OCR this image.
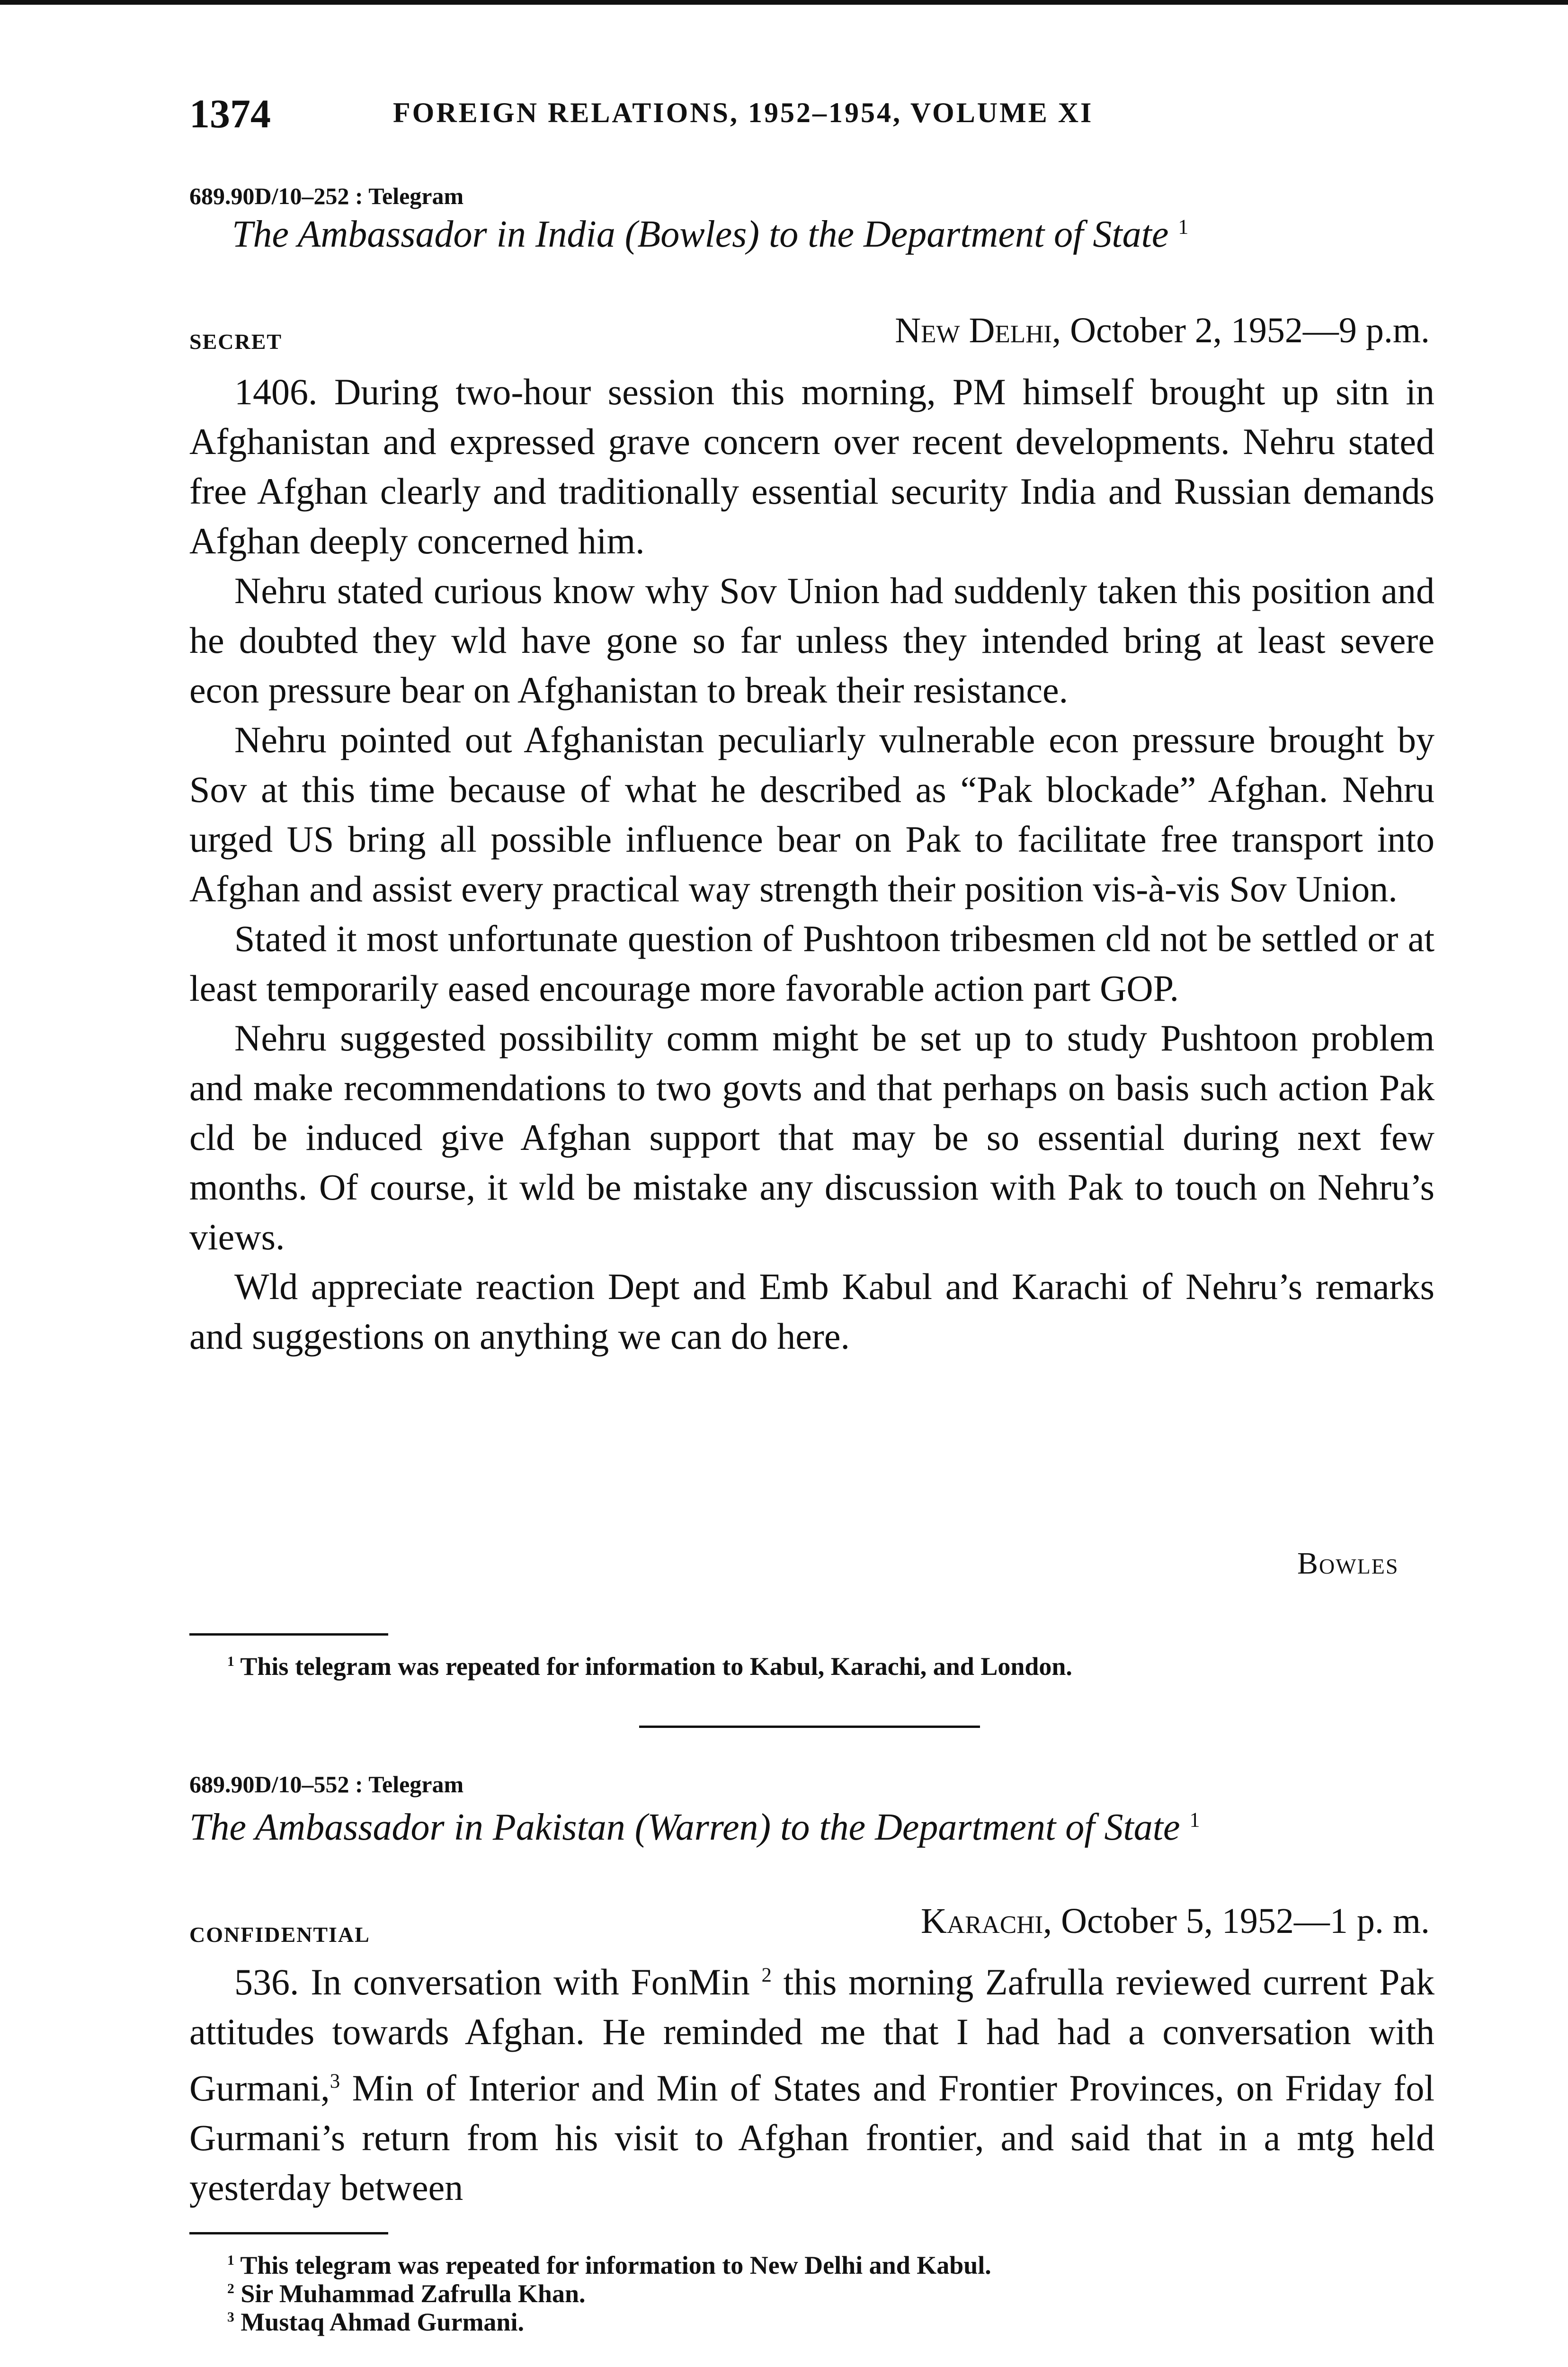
1374	FOREIGN RELATIONS, 1952–1954, VOLUME XI
689.90D/10–252 : Telegram
The Ambassador in India (Bowles) to the Department of State $^1$
SECRET	New Delhi, October 2, 1952—9 p.m.

1406. During two-hour session this morning, PM himself brought up sitn in Afghanistan and expressed grave concern over recent developments. Nehru stated free Afghan clearly and traditionally essential security India and Russian demands Afghan deeply concerned him.

Nehru stated curious know why Sov Union had suddenly taken this position and he doubted they wld have gone so far unless they intended bring at least severe econ pressure bear on Afghanistan to break their resistance.

Nehru pointed out Afghanistan peculiarly vulnerable econ pressure brought by Sov at this time because of what he described as “Pak blockade” Afghan. Nehru urged US bring all possible influence bear on Pak to facilitate free transport into Afghan and assist every practical way strength their position vis-à-vis Sov Union.

Stated it most unfortunate question of Pushtoon tribesmen cld not be settled or at least temporarily eased encourage more favorable action part GOP.

Nehru suggested possibility comm might be set up to study Pushtoon problem and make recommendations to two govts and that perhaps on basis such action Pak cld be induced give Afghan support that may be so essential during next few months. Of course, it wld be mistake any discussion with Pak to touch on Nehru’s views.

Wld appreciate reaction Dept and Emb Kabul and Karachi of Nehru’s remarks and suggestions on anything we can do here.

Bowles
$^1$ This telegram was repeated for information to Kabul, Karachi, and London.
689.90D/10–552 : Telegram
The Ambassador in Pakistan (Warren) to the Department of State $^1$
CONFIDENTIAL	Karachi, October 5, 1952—1 p. m.

536. In conversation with FonMin $^2$ this morning Zafrulla reviewed current Pak attitudes towards Afghan. He reminded me that I had had a conversation with Gurmani,$^3$ Min of Interior and Min of States and Frontier Provinces, on Friday fol Gurmani’s return from his visit to Afghan frontier, and said that in a mtg held yesterday between

$^1$ This telegram was repeated for information to New Delhi and Kabul.
$^2$ Sir Muhammad Zafrulla Khan.
$^3$ Mustaq Ahmad Gurmani.
